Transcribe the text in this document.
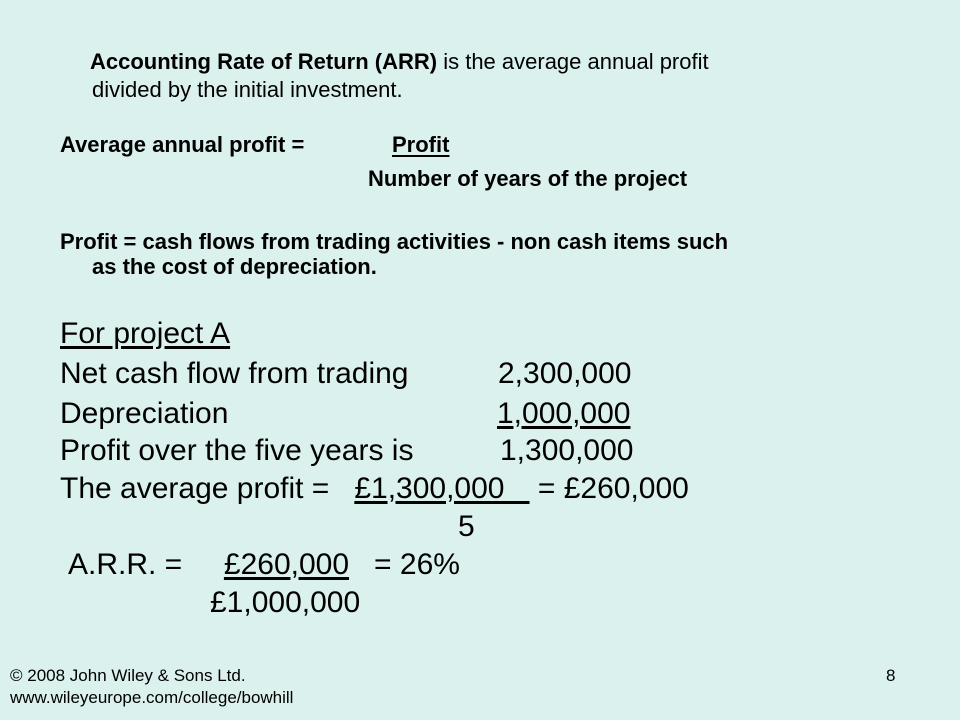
Accounting Rate of Return (ARR) is the average annual profit
divided by the initial investment.
Average annual profit =	Profit
Number of years of the project
Profit = cash flows from trading activities - non cash items such
as the cost of depreciation.
For project A
Net cash flow from trading	2,300,000
Depreciation	1,000,000
Profit over the five years is	1,300,000
The average profit = £1,300,000 = £260,000
5
A.R.R. = £260,000 = 26%
£1,000,000
© 2008 John Wiley & Sons Ltd.
www.wileyeurope.com/college/bowhill
8
